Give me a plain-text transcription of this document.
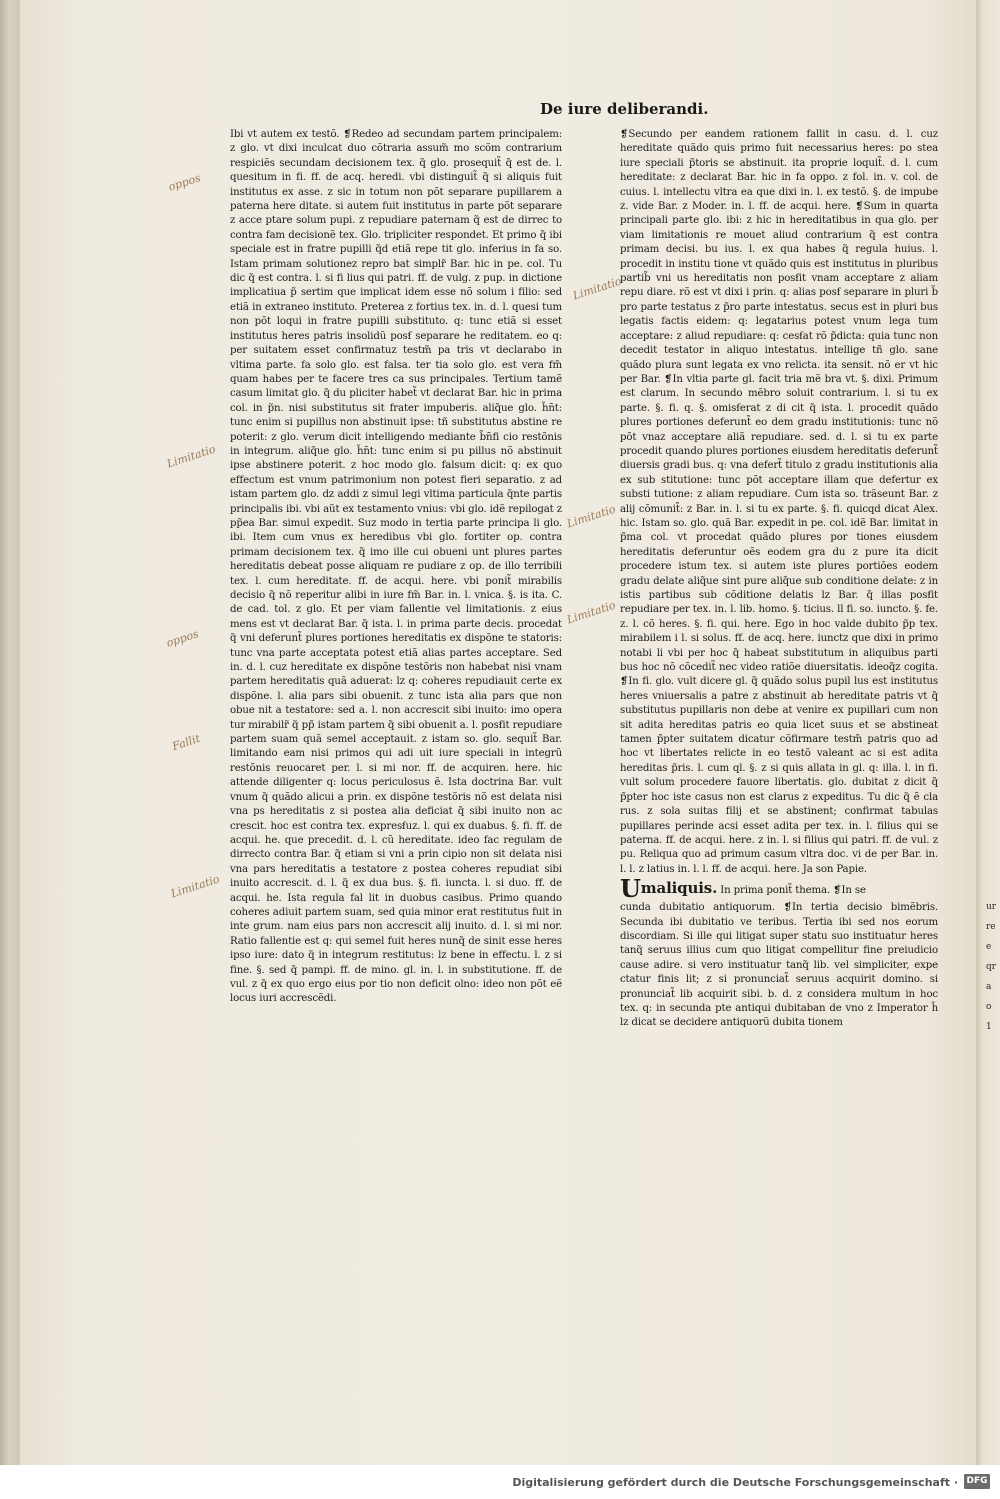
De iure deliberandi.

Ibi vt autem ex testõ. ❡Redeo ad secundam partem principalem: z glo. vt dixi inculcat duo cõtraria assum̃ mo scõm contrarium respiciẽs secundam decisionem tex. q̃ glo. prosequit̃ q̃ est de. l. quesitum in fi. ff. de acq. heredi. vbi distinguit̃ q̃ si aliquis fuit institutus ex asse. z sic in totum non põt separare pupillarem a paterna here ditate. si autem fuit institutus in parte põt separare z acce ptare solum pupi. z repudiare paternam q̃ est de dirrec to contra fam decisionẽ tex. Glo. tripliciter respondet. Et primo q̃ ibi speciale est in fratre pupilli q̃d etiã repe tit glo. inferius in fa so. Istam primam solutionez repro bat simplr̃ Bar. hic in pe. col. Tu dic q̃ est contra. l. si fi lius qui patri. ff. de vulg. z pup. in dictione implicatiua p̃ sertim que implicat idem esse nõ solum i filio: sed etiã in extraneo instituto. Preterea z fortius tex. in. d. l. quesi tum non põt loqui in fratre pupilli substituto. q: tunc etiã si esset institutus heres patris insolidũ posẜ separare he reditatem. eo q: per suitatem esset confirmatuz testm̃ pa tris vt declarabo in vltima parte. fa solo glo. est falsa. ter tia solo glo. est vera fm̃ quam habes per te facere tres ca sus principales. Tertium tamẽ casum limitat glo. q̃ du pliciter habet̃ vt declarat Bar. hic in prima col. in p̃n. nisi substitutus sit frater impuberis. aliq̃ue glo. h̃n̄t: tunc enim si pupillus non abstinuit ipse: tñ substitutus abstine re poterit: z glo. verum dicit intelligendo mediante b̃n̄fi cio restõnis in integrum. aliq̃ue glo. h̃n̄t: tunc enim si pu pillus nõ abstinuit ipse abstinere poterit. z hoc modo glo. falsum dicit: q: ex quo effectum est vnum patrimonium non potest fieri separatio. z ad istam partem glo. dz addi z simul legi vltima particula q̃nte partis principalis ibi. vbi aũt ex testamento vnius: vbi glo. idẽ repilogat z pp̃ea Bar. simul expedit. Suz modo in tertia parte principa li glo. ibi. Item cum vnus ex heredibus vbi glo. fortiter op. contra primam decisionem tex. q̃ imo ille cui obueni unt plures partes hereditatis debeat posse aliquam re pudiare z op. de illo terribili tex. l. cum hereditate. ff. de acqui. here. vbi ponit̃ mirabilis decisio q̃ nõ reperitur alibi in iure fm̃ Bar. in. l. vnica. §. is ita. C. de cad. tol. z glo. Et per viam fallentie vel limitationis. z eius mens est vt declarat Bar. q̃ ista. l. in prima parte decis. procedat q̃ vni deferunt̃ plures portiones hereditatis ex dispõne te statoris: tunc vna parte acceptata potest etiã alias partes acceptare. Sed in. d. l. cuz hereditate ex dispõne testõris non habebat nisi vnam partem hereditatis quã aduerat: lz q: coheres repudiauit certe ex dispõne. l. alia pars sibi obuenit. z tunc ista alia pars que non obue nit a testatore: sed a. l. non accrescit sibi inuito: imo opera tur mirabilr̃ q̃ pp̃ istam partem q̃ sibi obuenit a. l. posẜit repudiare partem suam quã semel acceptauit. z istam so. glo. sequit̃ Bar. limitando eam nisi primos qui adi uit iure speciali in integrũ restõnis reuocaret per. l. si mi nor. ff. de acquiren. here. hic attende diligenter q: locus periculosus ẽ. Ista doctrina Bar. vult vnum q̃ quãdo alicui a prin. ex dispõne testõris nõ est delata nisi vna ps hereditatis z si postea alia deficiat q̃ sibi inuito non ac crescit. hoc est contra tex. expresẜuz. l. qui ex duabus. §. fi. ff. de acqui. he. que precedit. d. l. cũ hereditate. ideo fac regulam de dirrecto contra Bar. q̃ etiam si vni a prin cipio non sit delata nisi vna pars hereditatis a testatore z postea coheres repudiat sibi inuito accrescit. d. l. q̃ ex dua bus. §. fi. iuncta. l. si duo. ff. de acqui. he. Ista regula fal lit in duobus casibus. Primo quando coheres adiuit partem suam, sed quia minor erat restitutus fuit in inte grum. nam eius pars non accrescit alij inuito. d. l. si mi nor. Ratio fallentie est q: qui semel fuit heres nunq̃ de sinit esse heres ipso iure: dato q̃ in integrum restitutus: lz bene in effectu. l. z si fine. §. sed q̃ pampi. ff. de mino. gl. in. l. in substitutione. ff. de vul. z q̃ ex quo ergo eius por tio non deficit olno: ideo non põt eẽ locus iuri accrescẽdi.

❡Secundo per eandem rationem fallit in casu. d. l. cuz hereditate quãdo quis primo fuit necessarius heres: po stea iure speciali p̃toris se abstinuit. ita proprie loquit̃. d. l. cum hereditate: z declarat Bar. hic in fa oppo. z fol. in. v. col. de cuius. l. intellectu vltra ea que dixi in. l. ex testõ. §. de impube z. vide Bar. z Moder. in. l. ff. de acqui. here. ❡Sum in quarta principali parte glo. ibi: z hic in hereditatibus in qua glo. per viam limitationis re mouet aliud contrarium q̃ est contra primam decisi. bu ius. l. ex qua habes q̃ regula huius. l. procedit in institu tione vt quãdo quis est institutus in pluribus partib̃ vni us hereditatis non posẜit vnam acceptare z aliam repu diare. rõ est vt dixi i prin. q: alias posẜ separare in pluri b̃ pro parte testatus z p̃ro parte intestatus. secus est in pluri bus legatis factis eidem: q: legatarius potest vnum lega tum acceptare: z aliud repudiare: q: cesẜat rõ p̃dicta: quia tunc non decedit testator in aliquo intestatus. intellige tñ glo. sane quãdo plura sunt legata ex vno relicta. ita sensit. nõ er vt hic per Bar. ❡In vltia parte gl. facit tria mẽ bra vt. §. dixi. Primum est clarum. In secundo mẽbro soluit contrarium. l. si tu ex parte. §. fi. q. §. omisẜerat z di cit q̃ ista. l. procedit quãdo plures portiones deferunt̃ eo dem gradu institutionis: tunc nõ põt vnaz acceptare aliã repudiare. sed. d. l. si tu ex parte procedit quando plures portiones eiusdem hereditatis deferunt̃ diuersis gradi bus. q: vna defert̃ titulo z gradu institutionis alia ex sub stitutione: tunc põt acceptare illam que defertur ex substi tutione: z aliam repudiare. Cum ista so. trãseunt Bar. z alij cõmunit̃: z Bar. in. l. si tu ex parte. §. fi. quicqd dicat Alex. hic. Istam so. glo. quã Bar. expedit in pe. col. idẽ Bar. limitat in p̃ma col. vt procedat quãdo plures por tiones eiusdem hereditatis deferuntur oẽs eodem gra du z pure ita dicit procedere istum tex. si autem iste plures portiões eodem gradu delate aliq̃ue sint pure aliq̃ue sub conditione delate: z in istis partibus sub cõditione delatis lz Bar. q̃ illas posẜit repudiare per tex. in. l. lib. homo. §. ticius. ll fi. so. iuncto. §. fe. z. l. cõ heres. §. fi. qui. here. Ego in hoc valde dubito p̃p tex. mirabilem i l. si solus. ff. de acq. here. iunctz que dixi in primo notabi li vbi per hoc q̃ habeat substitutum in aliquibus parti bus hoc nõ cõcedit̃ nec video ratiõe diuersitatis. ideoq̃z cogita. ❡In fi. glo. vult dicere gl. q̃ quãdo solus pupil lus est institutus heres vniuersalis a patre z abstinuit ab hereditate patris vt q̃ substitutus pupillaris non debe at venire ex pupillari cum non sit adita hereditas patris eo quia licet suus et se abstineat tamen p̃pter suitatem dicatur cõfirmare testm̃ patris quo ad hoc vt libertates relicte in eo testõ valeant ac si est adita hereditas p̃ris. l. cum ql. §. z si quis allata in gl. q: illa. l. in fi. vult solum procedere fauore libertatis. glo. dubitat z dicit q̃ p̃pter hoc iste casus non est clarus z expeditus. Tu dic q̃ ẽ cla rus. z sola suitas filij et se abstinent; confirmat tabulas pupillares perinde acsi esset adita per tex. in. l. filius qui se paterna. ff. de acqui. here. z in. l. si filius qui patri. ff. de vul. z pu. Reliqua quo ad primum casum vltra doc. vi de per Bar. in. l. l. z latius in. l. l. ff. de acqui. here. Ja son Papie.

Umaliquis. In prima ponit̃ thema. ❡In se

cunda dubitatio antiquorum. ❡In tertia decisio bimẽbris. Secunda ibi dubitatio ve teribus. Tertia ibi sed nos eorum discordiam. Si ille qui litigat super statu suo instituatur heres tanq̃ seruus illius cum quo litigat compellitur fine preiudicio cause adire. si vero instituatur tanq̃ lib. vel simpliciter, expe ctatur finis lit; z si pronunciat̃ seruus acquirit domino. si pronunciat̃ lib acquirit sibi. b. d. z considera multum in hoc tex. q: in secunda pte antiqui dubitaban de vno z Imperator h̃ lz dicat se decidere antiquorũ dubita tionem

oppos
Limitatio
Limitatio
Limitatio
Limitatio
oppos
Limitatio
Fallit
ur
re
e
qr
a
o
1
Digitalisierung gefördert durch die Deutsche Forschungsgemeinschaft · DFG
